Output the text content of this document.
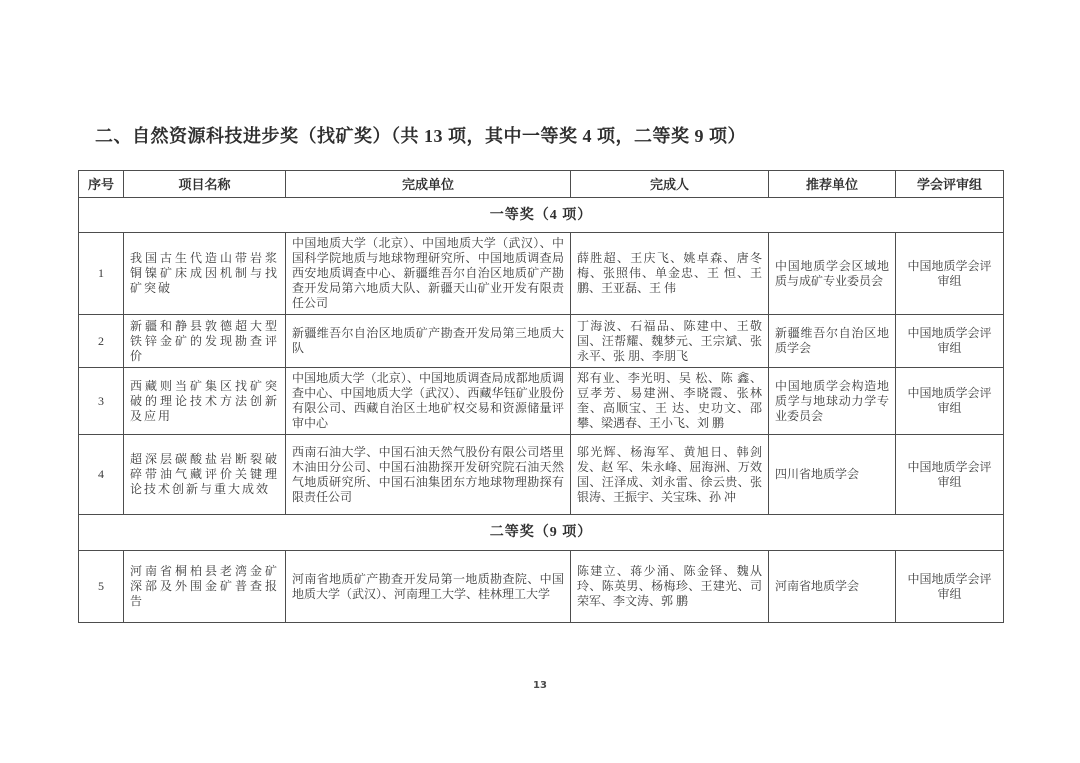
二、自然资源科技进步奖（找矿奖）（共 13 项，其中一等奖 4 项，二等奖 9 项）
序号	项目名称	完成单位	完成人	推荐单位	学会评审组
一等奖（4 项）					
1	我国古生代造山带岩浆铜镍矿床成因机制与找矿突破	中国地质大学（北京）、中国地质大学（武汉）、中国科学院地质与地球物理研究所、中国地质调查局西安地质调查中心、新疆维吾尔自治区地质矿产勘查开发局第六地质大队、新疆天山矿业开发有限责任公司	薛胜超、王庆飞、姚卓森、唐冬梅、张照伟、单金忠、王 恒、王 鹏、王亚磊、王 伟	中国地质学会区域地质与成矿专业委员会	中国地质学会评审组
2	新疆和静县敦德超大型铁锌金矿的发现勘查评价	新疆维吾尔自治区地质矿产勘查开发局第三地质大队	丁海波、石福品、陈建中、王敬国、汪帮耀、魏梦元、王宗斌、张永平、张 朋、李朋飞	新疆维吾尔自治区地质学会	中国地质学会评审组
3	西藏则当矿集区找矿突破的理论技术方法创新及应用	中国地质大学（北京）、中国地质调查局成都地质调查中心、中国地质大学（武汉）、西藏华钰矿业股份有限公司、西藏自治区土地矿权交易和资源储量评审中心	郑有业、李光明、吴 松、陈 鑫、豆孝芳、易建洲、李晓霞、张林奎、高顺宝、王 达、史功文、邵 攀、梁遇春、王小飞、刘 鹏	中国地质学会构造地质学与地球动力学专业委员会	中国地质学会评审组
4	超深层碳酸盐岩断裂破碎带油气藏评价关键理论技术创新与重大成效	西南石油大学、中国石油天然气股份有限公司塔里木油田分公司、中国石油勘探开发研究院石油天然气地质研究所、中国石油集团东方地球物理勘探有限责任公司	邬光辉、杨海军、黄旭日、韩剑发、赵 军、朱永峰、屈海洲、万效国、汪泽成、刘永雷、徐云贵、张银涛、王振宇、关宝珠、孙 冲	四川省地质学会	中国地质学会评审组
二等奖（9 项）					
5	河南省桐柏县老湾金矿深部及外围金矿普查报告	河南省地质矿产勘查开发局第一地质勘查院、中国地质大学（武汉）、河南理工大学、桂林理工大学	陈建立、蒋少涌、陈金铎、魏从玲、陈英男、杨梅珍、王建光、司荣军、李文涛、郭 鹏	河南省地质学会	中国地质学会评审组
13
